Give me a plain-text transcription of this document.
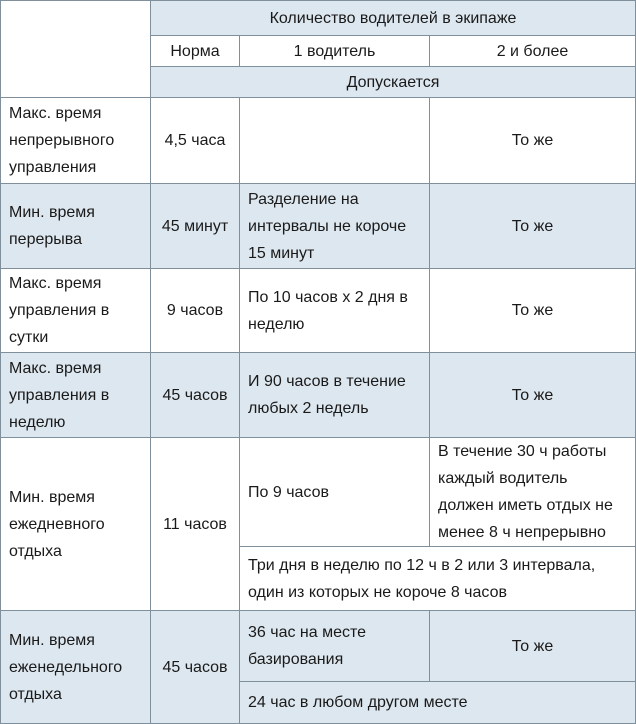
	Количество водителей в экипаже		
	Норма	1 водитель	2 и более
	Допускается		
Макс. время непрерывного управления	4,5 часа		То же
Мин. время перерыва	45 минут	Разделение на интервалы не короче 15 минут	То же
Макс. время управления в сутки	9 часов	По 10 часов х 2 дня в неделю	То же
Макс. время управления в неделю	45 часов	И 90 часов в течение любых 2 недель	То же
Мин. время ежедневного отдыха	11 часов	По 9 часов	В течение 30 ч работы каждый водитель должен иметь отдых не менее 8 ч непрерывно
		Три дня в неделю по 12 ч в 2 или 3 интервала, один из которых не короче 8 часов	
Мин. время еженедельного отдыха	45 часов	36 час на месте базирования	То же
		24 час в любом другом месте	
